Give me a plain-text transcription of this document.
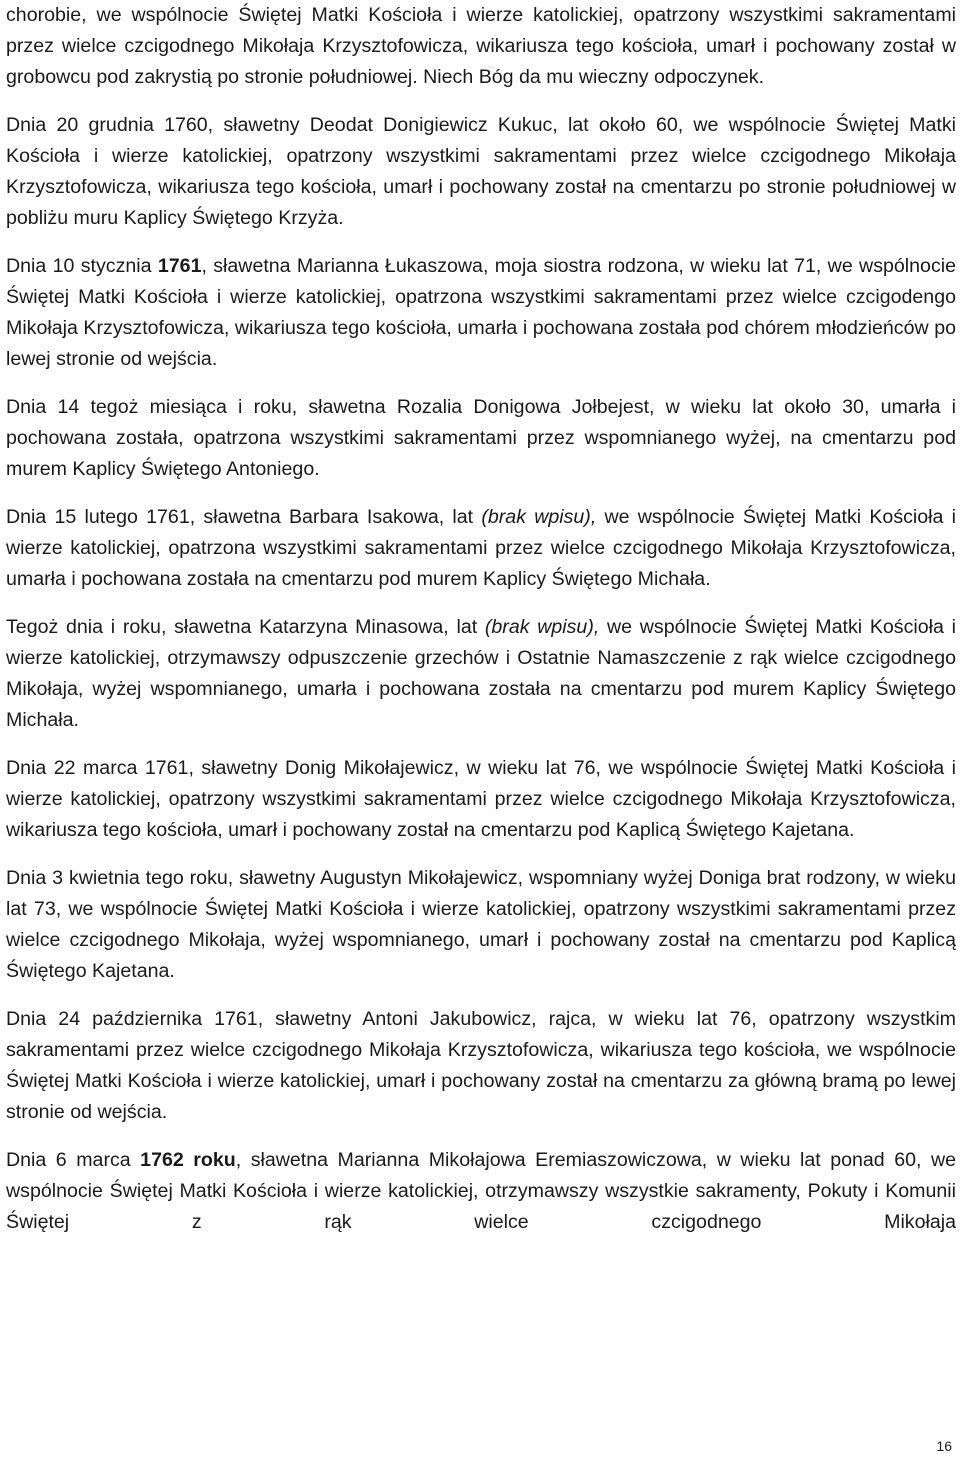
chorobie, we wspólnocie Świętej Matki Kościoła i wierze katolickiej, opatrzony wszystkimi sakramentami przez wielce czcigodnego Mikołaja Krzysztofowicza, wikariusza tego kościoła, umarł i pochowany został w grobowcu pod zakrystią po stronie południowej. Niech Bóg da mu wieczny odpoczynek.

Dnia 20 grudnia 1760, sławetny Deodat Donigiewicz Kukuc, lat około 60, we wspólnocie Świętej Matki Kościoła i wierze katolickiej, opatrzony wszystkimi sakramentami przez wielce czcigodnego Mikołaja Krzysztofowicza, wikariusza tego kościoła, umarł i pochowany został na cmentarzu po stronie południowej w pobliżu muru Kaplicy Świętego Krzyża.

Dnia 10 stycznia 1761, sławetna Marianna Łukaszowa, moja siostra rodzona, w wieku lat 71, we wspólnocie Świętej Matki Kościoła i wierze katolickiej, opatrzona wszystkimi sakramentami przez wielce czcigodengo Mikołaja Krzysztofowicza, wikariusza tego kościoła, umarła i pochowana została pod chórem młodzieńców po lewej stronie od wejścia.

Dnia 14 tegoż miesiąca i roku, sławetna Rozalia Donigowa Jołbejest, w wieku lat około 30, umarła i pochowana została, opatrzona wszystkimi sakramentami przez wspomnianego wyżej, na cmentarzu pod murem Kaplicy Świętego Antoniego.

Dnia 15 lutego 1761, sławetna Barbara Isakowa, lat (brak wpisu), we wspólnocie Świętej Matki Kościoła i wierze katolickiej, opatrzona wszystkimi sakramentami przez wielce czcigodnego Mikołaja Krzysztofowicza, umarła i pochowana została na cmentarzu pod murem Kaplicy Świętego Michała.

Tegoż dnia i roku, sławetna Katarzyna Minasowa, lat (brak wpisu), we wspólnocie Świętej Matki Kościoła i wierze katolickiej, otrzymawszy odpuszczenie grzechów i Ostatnie Namaszczenie z rąk wielce czcigodnego Mikołaja, wyżej wspomnianego, umarła i pochowana została na cmentarzu pod murem Kaplicy Świętego Michała.

Dnia 22 marca 1761, sławetny Donig Mikołajewicz, w wieku lat 76, we wspólnocie Świętej Matki Kościoła i wierze katolickiej, opatrzony wszystkimi sakramentami przez wielce czcigodnego Mikołaja Krzysztofowicza, wikariusza tego kościoła, umarł i pochowany został na cmentarzu pod Kaplicą Świętego Kajetana.

Dnia 3 kwietnia tego roku, sławetny Augustyn Mikołajewicz, wspomniany wyżej Doniga brat rodzony, w wieku lat 73, we wspólnocie Świętej Matki Kościoła i wierze katolickiej, opatrzony wszystkimi sakramentami przez wielce czcigodnego Mikołaja, wyżej wspomnianego, umarł i pochowany został na cmentarzu pod Kaplicą Świętego Kajetana.

Dnia 24 października 1761, sławetny Antoni Jakubowicz, rajca, w wieku lat 76, opatrzony wszystkim sakramentami przez wielce czcigodnego Mikołaja Krzysztofowicza, wikariusza tego kościoła, we wspólnocie Świętej Matki Kościoła i wierze katolickiej, umarł i pochowany został na cmentarzu za główną bramą po lewej stronie od wejścia.

Dnia 6 marca 1762 roku, sławetna Marianna Mikołajowa Eremiaszowiczowa, w wieku lat ponad 60, we wspólnocie Świętej Matki Kościoła i wierze katolickiej, otrzymawszy wszystkie sakramenty, Pokuty i Komunii Świętej z rąk wielce czcigodnego Mikołaja

16
